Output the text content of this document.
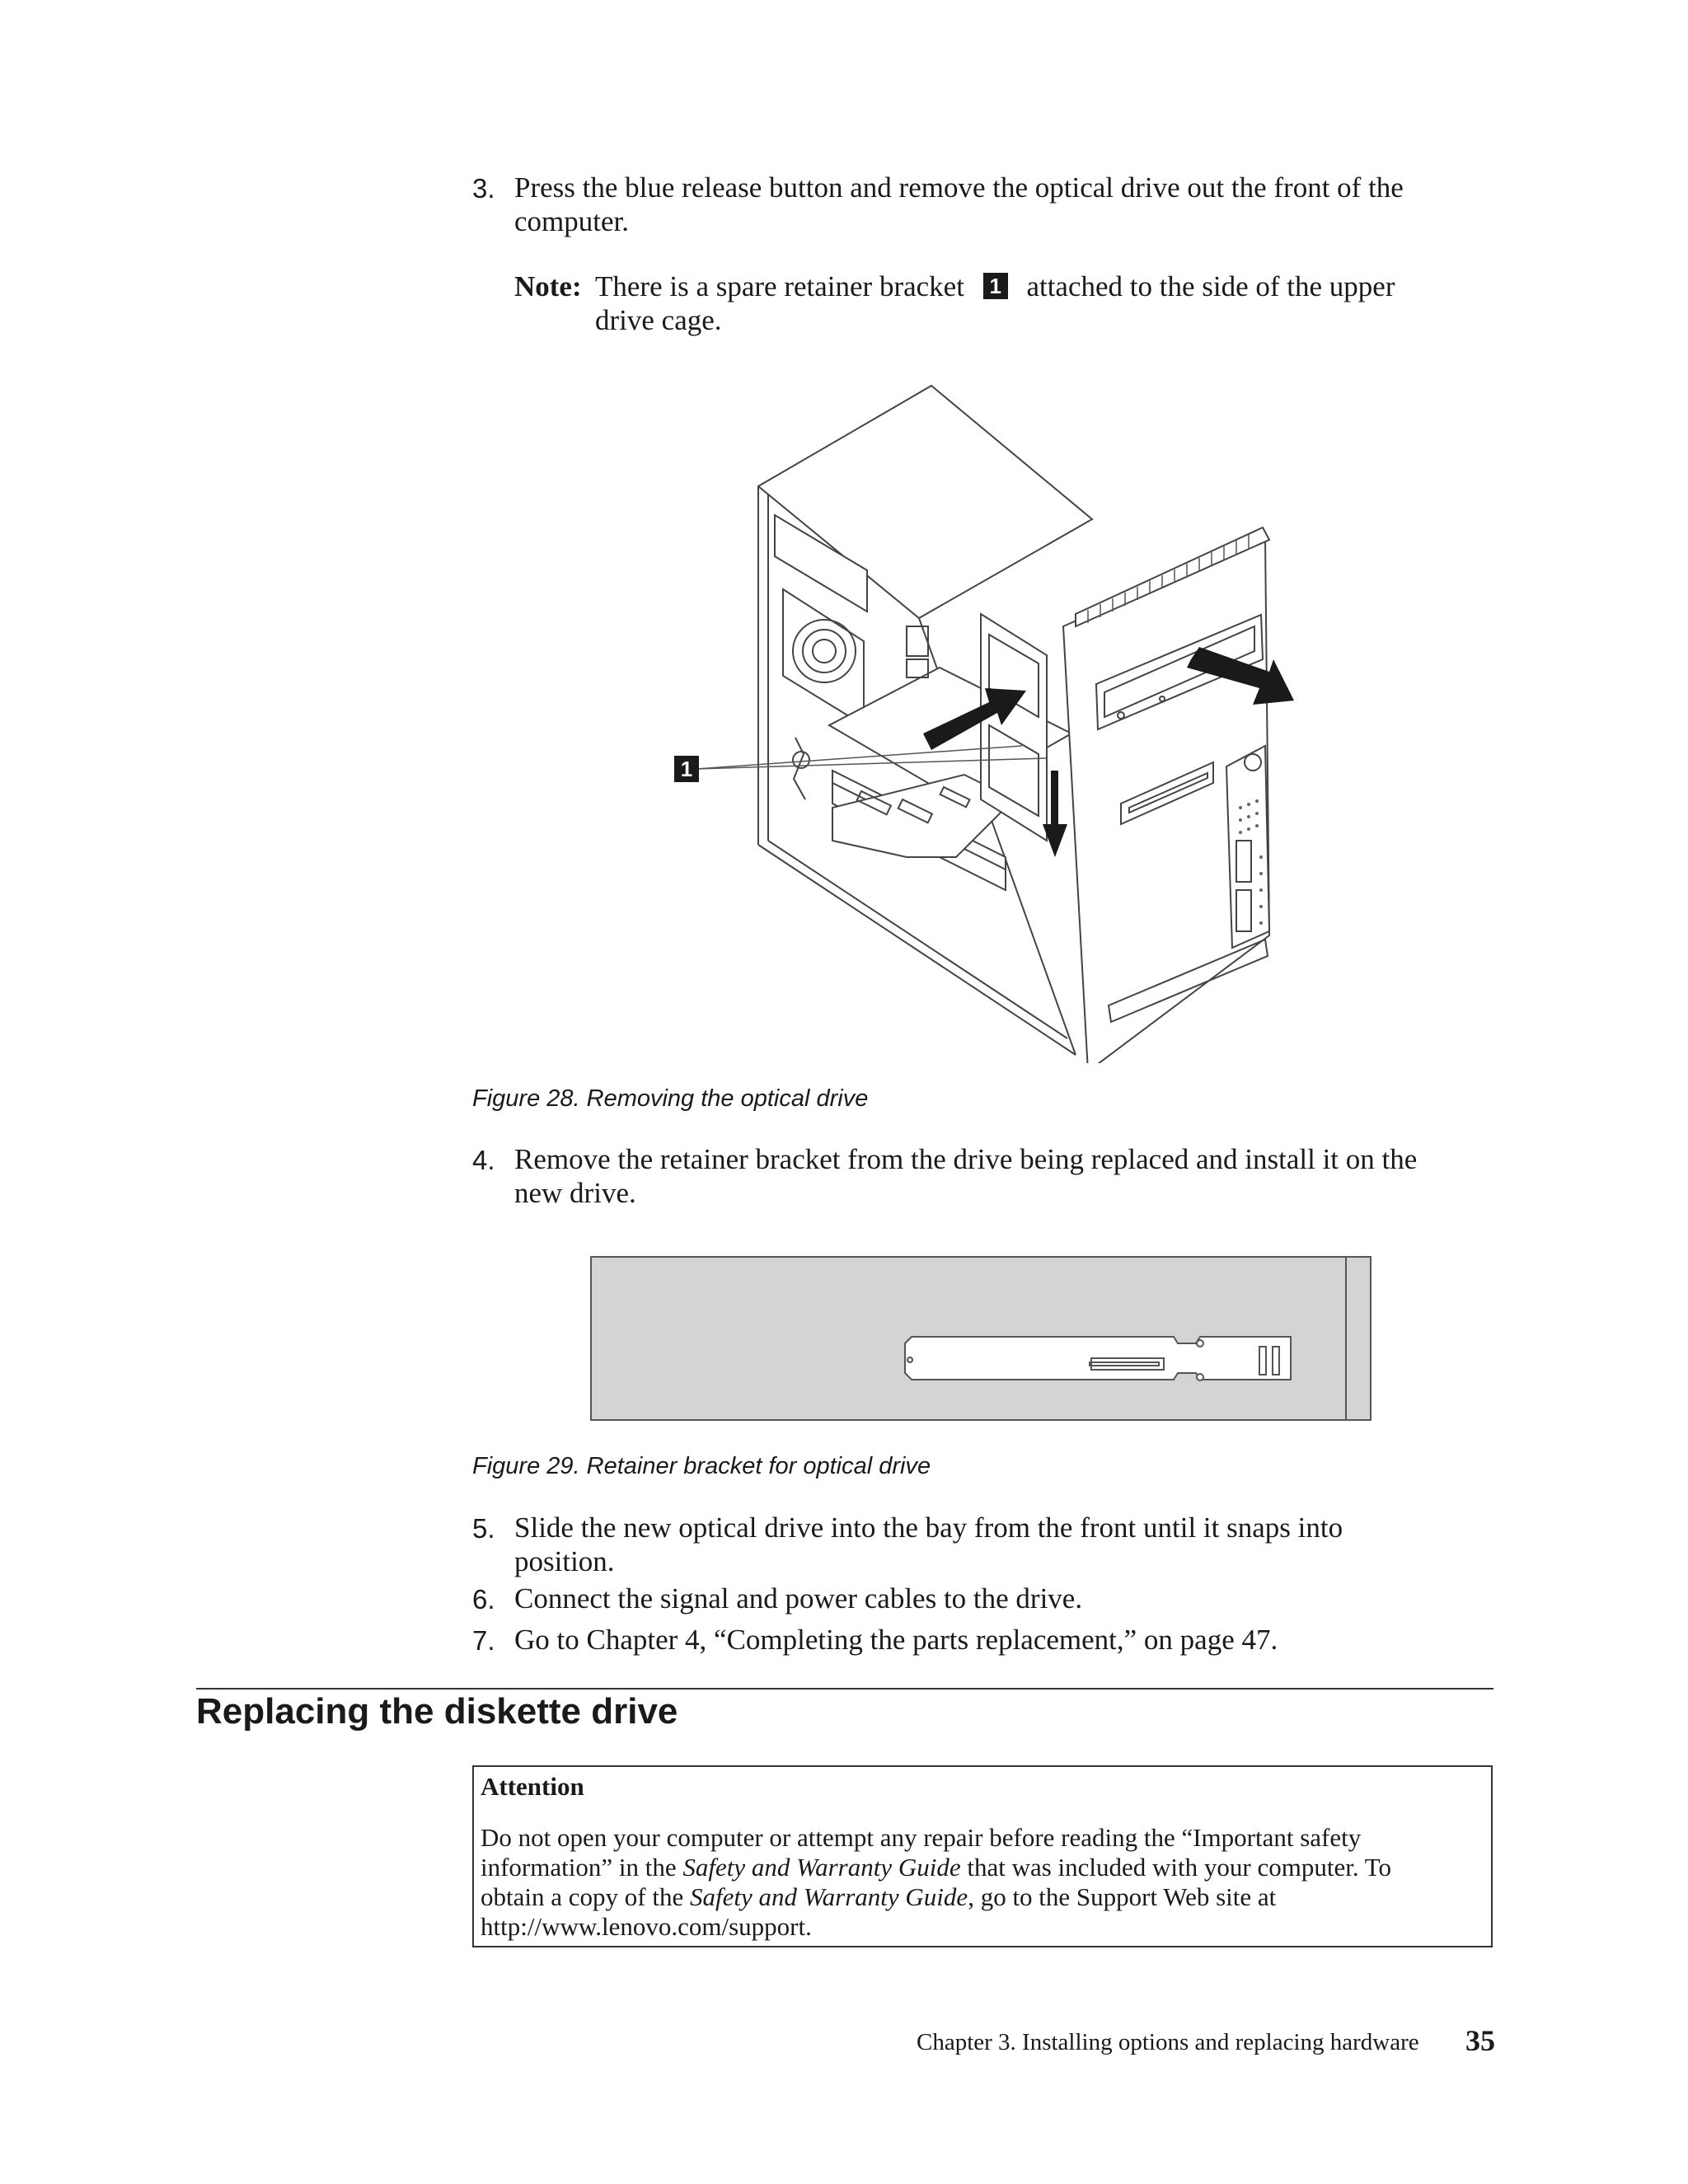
3. Press the blue release button and remove the optical drive out the front of the
computer.
Note: There is a spare retainer bracket 1 attached to the side of the upper
drive cage.
1
Figure 28. Removing the optical drive
4. Remove the retainer bracket from the drive being replaced and install it on the
new drive.
Figure 29. Retainer bracket for optical drive
5. Slide the new optical drive into the bay from the front until it snaps into
position.
6. Connect the signal and power cables to the drive.
7. Go to Chapter 4, “Completing the parts replacement,” on page 47.
Replacing the diskette drive
Attention
Do not open your computer or attempt any repair before reading the “Important safety
information” in the Safety and Warranty Guide that was included with your computer. To
obtain a copy of the Safety and Warranty Guide, go to the Support Web site at
http://www.lenovo.com/support.
Chapter 3. Installing options and replacing hardware 35
